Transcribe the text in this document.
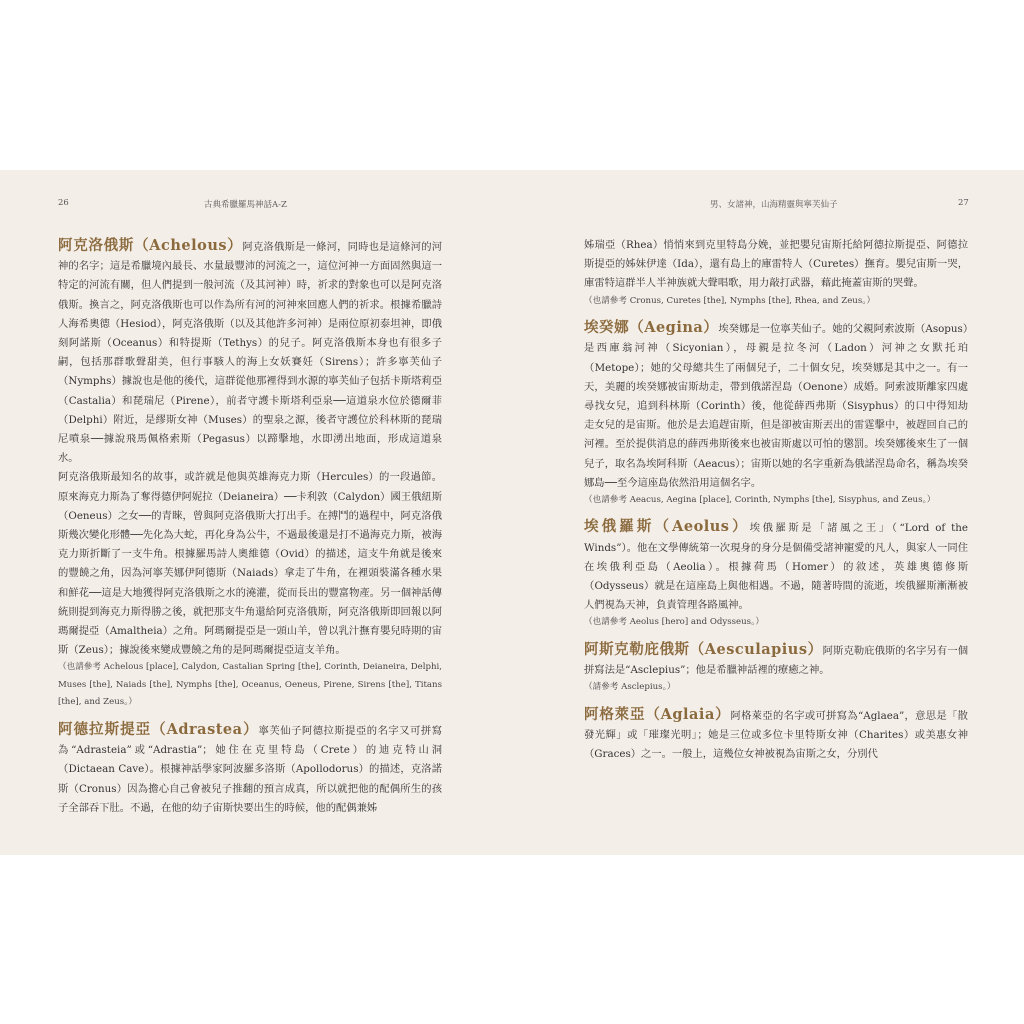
26	古典希臘羅馬神話A-Z
阿克洛俄斯（Achelous）阿克洛俄斯是一條河，同時也是這條河的河神的名字；這是希臘境內最長、水量最豐沛的河流之一，這位河神一方面固然與這一特定的河流有關，但人們提到一般河流（及其河神）時，祈求的對象也可以是阿克洛俄斯。換言之，阿克洛俄斯也可以作為所有河的河神來回應人們的祈求。根據希臘詩人海希奧德（Hesiod），阿克洛俄斯（以及其他許多河神）是兩位原初泰坦神，即俄刻阿諾斯（Oceanus）和特提斯（Tethys）的兒子。阿克洛俄斯本身也有很多子嗣，包括那群歌聲甜美，但行事駭人的海上女妖賽妊（Sirens）；許多寧芙仙子（Nymphs）據說也是他的後代，這群從他那裡得到水源的寧芙仙子包括卡斯塔莉亞（Castalia）和琵瑞尼（Pirene），前者守護卡斯塔利亞泉──這道泉水位於德爾菲（Delphi）附近，是繆斯女神（Muses）的聖泉之源，後者守護位於科林斯的琵瑞尼噴泉──據說飛馬佩格索斯（Pegasus）以蹄擊地，水即湧出地面，形成這道泉水。
阿克洛俄斯最知名的故事，或許就是他與英雄海克力斯（Hercules）的一段過節。原來海克力斯為了奪得德伊阿妮拉（Deianeira）──卡利敦（Calydon）國王俄紐斯（Oeneus）之女──的青睞，曾與阿克洛俄斯大打出手。在搏鬥的過程中，阿克洛俄斯幾次變化形體──先化為大蛇，再化身為公牛，不過最後還是打不過海克力斯，被海克力斯折斷了一支牛角。根據羅馬詩人奧維德（Ovid）的描述，這支牛角就是後來的豐饒之角，因為河寧芙娜伊阿德斯（Naiads）拿走了牛角，在裡頭裝滿各種水果和鮮花──這是大地獲得阿克洛俄斯之水的澆灌，從而長出的豐富物產。另一個神話傳統則提到海克力斯得勝之後，就把那支牛角還給阿克洛俄斯，阿克洛俄斯即回報以阿瑪爾提亞（Amaltheia）之角。阿瑪爾提亞是一頭山羊，曾以乳汁撫育嬰兒時期的宙斯（Zeus）；據說後來變成豐饒之角的是阿瑪爾提亞這支羊角。
（也請參考 Achelous [place], Calydon, Castalian Spring [the], Corinth, Deianeira, Delphi, Muses [the], Naiads [the], Nymphs [the], Oceanus, Oeneus, Pirene, Sirens [the], Titans [the], and Zeus。）
阿德拉斯提亞（Adrastea）寧芙仙子阿德拉斯提亞的名字又可拼寫為“Adrasteia”或“Adrastia”；她住在克里特島（Crete）的迪克特山洞（Dictaean Cave）。根據神話學家阿波羅多洛斯（Apollodorus）的描述，克洛諾斯（Cronus）因為擔心自己會被兒子推翻的預言成真，所以就把他的配偶所生的孩子全部吞下肚。不過，在他的幼子宙斯快要出生的時候，他的配偶兼姊
男、女諸神，山海精靈與寧芙仙子	27
姊瑞亞（Rhea）悄悄來到克里特島分娩，並把嬰兒宙斯托給阿德拉斯提亞、阿德拉斯提亞的姊妹伊達（Ida），還有島上的庫雷特人（Curetes）撫育。嬰兒宙斯一哭，庫雷特這群半人半神族就大聲唱歌，用力敲打武器，藉此掩蓋宙斯的哭聲。
（也請參考 Cronus, Curetes [the], Nymphs [the], Rhea, and Zeus。）
埃癸娜（Aegina）埃癸娜是一位寧芙仙子。她的父親阿索波斯（Asopus）是西庫翁河神（Sicyonian），母親是拉冬河（Ladon）河神之女默托珀（Metope）；她的父母總共生了兩個兒子，二十個女兒，埃癸娜是其中之一。有一天，美麗的埃癸娜被宙斯劫走，帶到俄諾涅島（Oenone）成婚。阿索波斯離家四處尋找女兒，追到科林斯（Corinth）後，他從薛西弗斯（Sisyphus）的口中得知劫走女兒的是宙斯。他於是去追趕宙斯，但是卻被宙斯丟出的雷霆擊中，被趕回自己的河裡。至於提供消息的薛西弗斯後來也被宙斯處以可怕的懲罰。埃癸娜後來生了一個兒子，取名為埃阿科斯（Aeacus）；宙斯以她的名字重新為俄諾涅島命名，稱為埃癸娜島──至今這座島依然沿用這個名字。
（也請參考 Aeacus, Aegina [place], Corinth, Nymphs [the], Sisyphus, and Zeus。）
埃俄羅斯（Aeolus）埃俄羅斯是「諸風之王」（“Lord of the Winds”）。他在文學傳統第一次現身的身分是個備受諸神寵愛的凡人，與家人一同住在埃俄利亞島（Aeolia）。根據荷馬（Homer）的敘述，英雄奧德修斯（Odysseus）就是在這座島上與他相遇。不過，隨著時間的流逝，埃俄羅斯漸漸被人們視為天神，負責管理各路風神。
（也請參考 Aeolus [hero] and Odysseus。）
阿斯克勒庇俄斯（Aesculapius）阿斯克勒庇俄斯的名字另有一個拼寫法是“Asclepius”；他是希臘神話裡的療癒之神。
（請參考 Asclepius。）
阿格萊亞（Aglaia）阿格萊亞的名字或可拼寫為“Aglaea”，意思是「散發光輝」或「璀璨光明」；她是三位或多位卡里特斯女神（Charites）或美惠女神（Graces）之一。一般上，這幾位女神被視為宙斯之女，分別代
